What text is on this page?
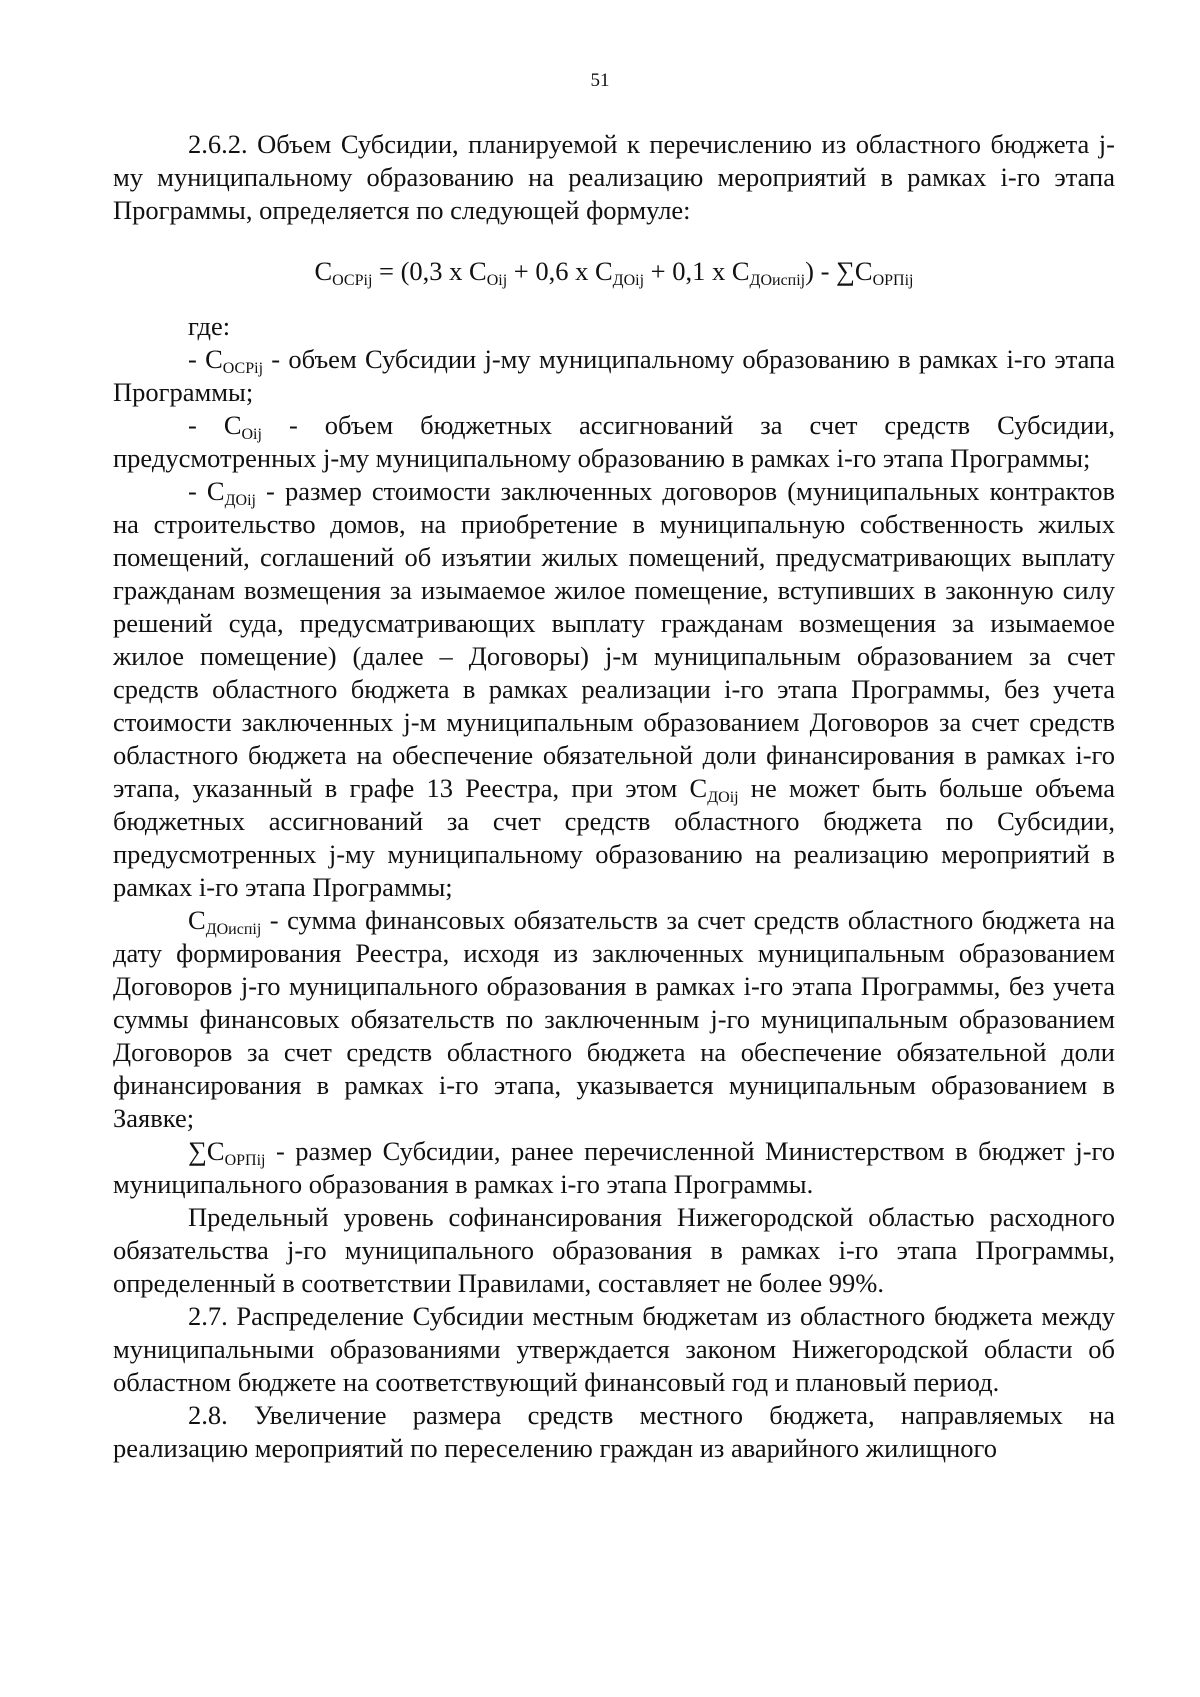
51

2.6.2. Объем Субсидии, планируемой к перечислению из областного бюджета j-му муниципальному образованию на реализацию мероприятий в рамках i-го этапа Программы, определяется по следующей формуле:

$С_{ОСРij} = (0,3$ х $С_{Оij} + 0,6$ х $С_{ДОij} + 0,1$ х $С_{ДОиспij}) - \sum С_{ОРПij}$

где:

- $С_{ОСРij}$ - объем Субсидии j-му муниципальному образованию в рамках i-го этапа Программы;

- $С_{Оij}$ - объем бюджетных ассигнований за счет средств Субсидии, предусмотренных j-му муниципальному образованию в рамках i-го этапа Программы;

- $С_{ДОij}$ - размер стоимости заключенных договоров (муниципальных контрактов на строительство домов, на приобретение в муниципальную собственность жилых помещений, соглашений об изъятии жилых помещений, предусматривающих выплату гражданам возмещения за изымаемое жилое помещение, вступивших в законную силу решений суда, предусматривающих выплату гражданам возмещения за изымаемое жилое помещение) (далее – Договоры) j-м муниципальным образованием за счет средств областного бюджета в рамках реализации i-го этапа Программы, без учета стоимости заключенных j-м муниципальным образованием Договоров за счет средств областного бюджета на обеспечение обязательной доли финансирования в рамках i-го этапа, указанный в графе 13 Реестра, при этом $С_{ДОij}$ не может быть больше объема бюджетных ассигнований за счет средств областного бюджета по Субсидии, предусмотренных j-му муниципальному образованию на реализацию мероприятий в рамках i-го этапа Программы;

$С_{ДОиспij}$ - сумма финансовых обязательств за счет средств областного бюджета на дату формирования Реестра, исходя из заключенных муниципальным образованием Договоров j-го муниципального образования в рамках i-го этапа Программы, без учета суммы финансовых обязательств по заключенным j-го муниципальным образованием Договоров за счет средств областного бюджета на обеспечение обязательной доли финансирования в рамках i-го этапа, указывается муниципальным образованием в Заявке;

$\sum С_{ОРПij}$ - размер Субсидии, ранее перечисленной Министерством в бюджет j-го муниципального образования в рамках i-го этапа Программы.

Предельный уровень софинансирования Нижегородской областью расходного обязательства j-го муниципального образования в рамках i-го этапа Программы, определенный в соответствии Правилами, составляет не более 99%.

2.7. Распределение Субсидии местным бюджетам из областного бюджета между муниципальными образованиями утверждается законом Нижегородской области об областном бюджете на соответствующий финансовый год и плановый период.

2.8. Увеличение размера средств местного бюджета, направляемых на реализацию мероприятий по переселению граждан из аварийного жилищного
